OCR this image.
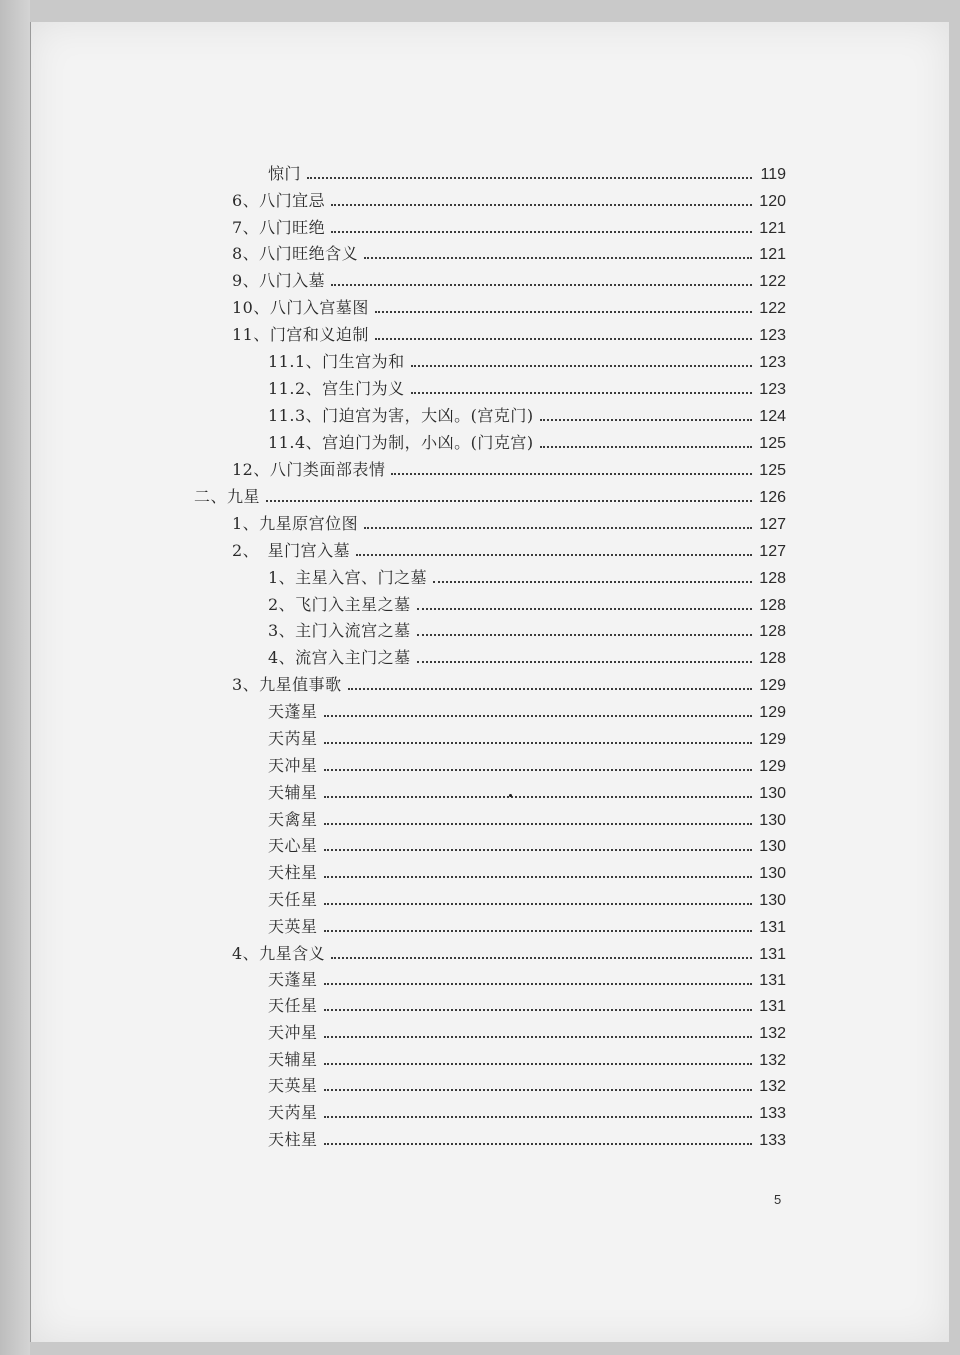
惊门	119
6、八门宜忌	120
7、八门旺绝	121
8、八门旺绝含义	121
9、八门入墓	122
10、八门入宫墓图	122
11、门宫和义迫制	123
11.1、门生宫为和	123
11.2、宫生门为义	123
11.3、门迫宫为害，大凶。(宫克门)	124
11.4、宫迫门为制，小凶。(门克宫)	125
12、八门类面部表情	125
二、九星	126
1、九星原宫位图	127
2、　星门宫入墓	127
1、主星入宫、门之墓	128
2、飞门入主星之墓	128
3、主门入流宫之墓	128
4、流宫入主门之墓	128
3、九星值事歌	129
天蓬星	129
天芮星	129
天冲星	129
天辅星	130
天禽星	130
天心星	130
天柱星	130
天任星	130
天英星	131
4、九星含义	131
天蓬星	131
天任星	131
天冲星	132
天辅星	132
天英星	132
天芮星	133
天柱星	133
5
